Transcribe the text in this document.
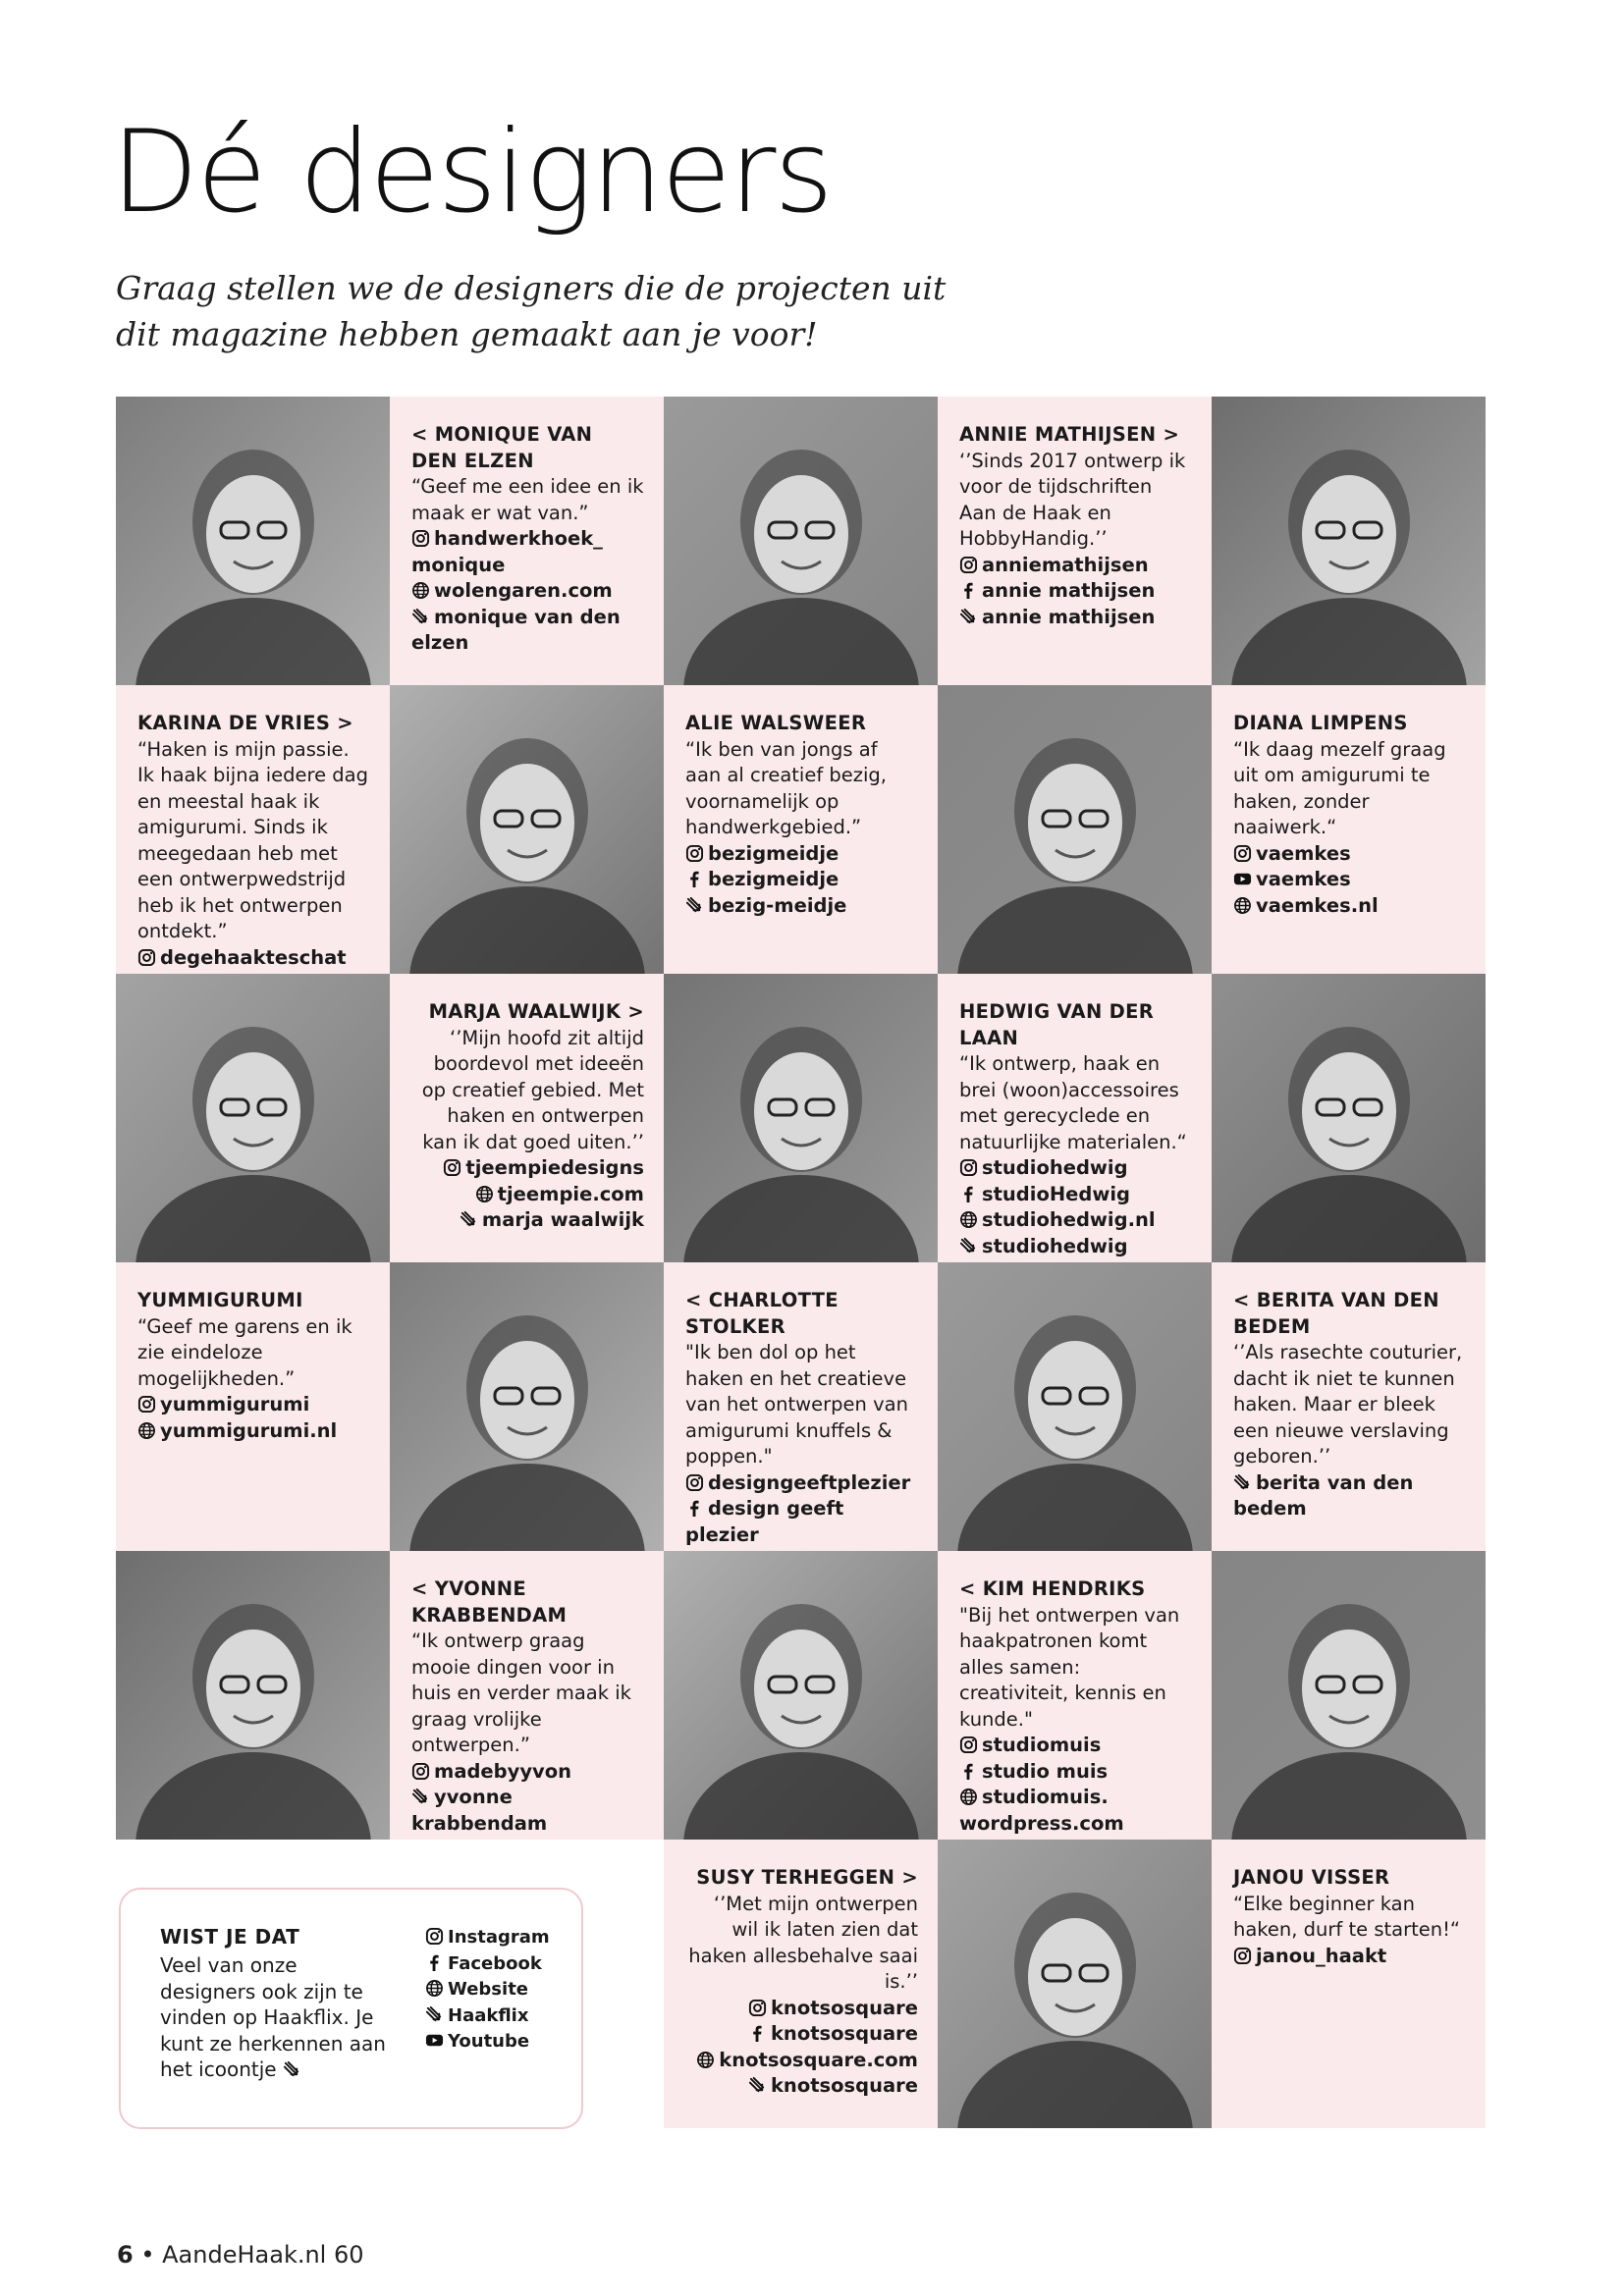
Dé designers

Graag stellen we de designers die de projecten uit dit magazine hebben gemaakt aan je voor!

< MONIQUE VAN DEN ELZEN
“Geef me een idee en ik maak er wat van.”
handwerkhoek_ monique
wolengaren.com
monique van den elzen
ANNIE MATHIJSEN >
‘’Sinds 2017 ontwerp ik voor de tijdschriften Aan de Haak en HobbyHandig.’’
anniemathijsen
annie mathijsen
annie mathijsen
KARINA DE VRIES >
“Haken is mijn passie. Ik haak bijna iedere dag en meestal haak ik amigurumi. Sinds ik meegedaan heb met een ontwerpwedstrijd heb ik het ontwerpen ontdekt.”
degehaakteschat
ALIE WALSWEER
“Ik ben van jongs af aan al creatief bezig, voornamelijk op handwerkgebied.”
bezigmeidje
bezigmeidje
bezig-meidje
DIANA LIMPENS
“Ik daag mezelf graag uit om amigurumi te haken, zonder naaiwerk.“
vaemkes
vaemkes
vaemkes.nl
MARJA WAALWIJK >
‘’Mijn hoofd zit altijd boordevol met ideeën op creatief gebied. Met haken en ontwerpen kan ik dat goed uiten.’’
tjeempiedesigns
tjeempie.com
marja waalwijk
HEDWIG VAN DER LAAN
“Ik ontwerp, haak en brei (woon)accessoires met gerecyclede en natuurlijke materialen.“
studiohedwig
studioHedwig
studiohedwig.nl
studiohedwig
YUMMIGURUMI
“Geef me garens en ik zie eindeloze mogelijkheden.”
yummigurumi
yummigurumi.nl
< CHARLOTTE STOLKER
"Ik ben dol op het haken en het creatieve van het ontwerpen van amigurumi knuffels & poppen."
designgeeftplezier
design geeft plezier
< BERITA VAN DEN BEDEM
‘’Als rasechte couturier, dacht ik niet te kunnen haken. Maar er bleek een nieuwe verslaving geboren.’’
berita van den bedem
< YVONNE KRABBENDAM
“Ik ontwerp graag mooie dingen voor in huis en verder maak ik graag vrolijke ontwerpen.”
madebyyvon
yvonne krabbendam
< KIM HENDRIKS
"Bij het ontwerpen van haakpatronen komt alles samen: creativiteit, kennis en kunde."
studiomuis
studio muis
studiomuis. wordpress.com
SUSY TERHEGGEN >
‘’Met mijn ontwerpen wil ik laten zien dat haken allesbehalve saai is.’’
knotsosquare
knotsosquare
knotsosquare.com
knotsosquare
JANOU VISSER
“Elke beginner kan haken, durf te starten!“
janou_haakt
WIST JE DAT
Veel van onze designers ook zijn te vinden op Haakflix. Je kunt ze herkennen aan het icoontje
Instagram
Facebook
Website
Haakflix
Youtube
6 • AandeHaak.nl 60
